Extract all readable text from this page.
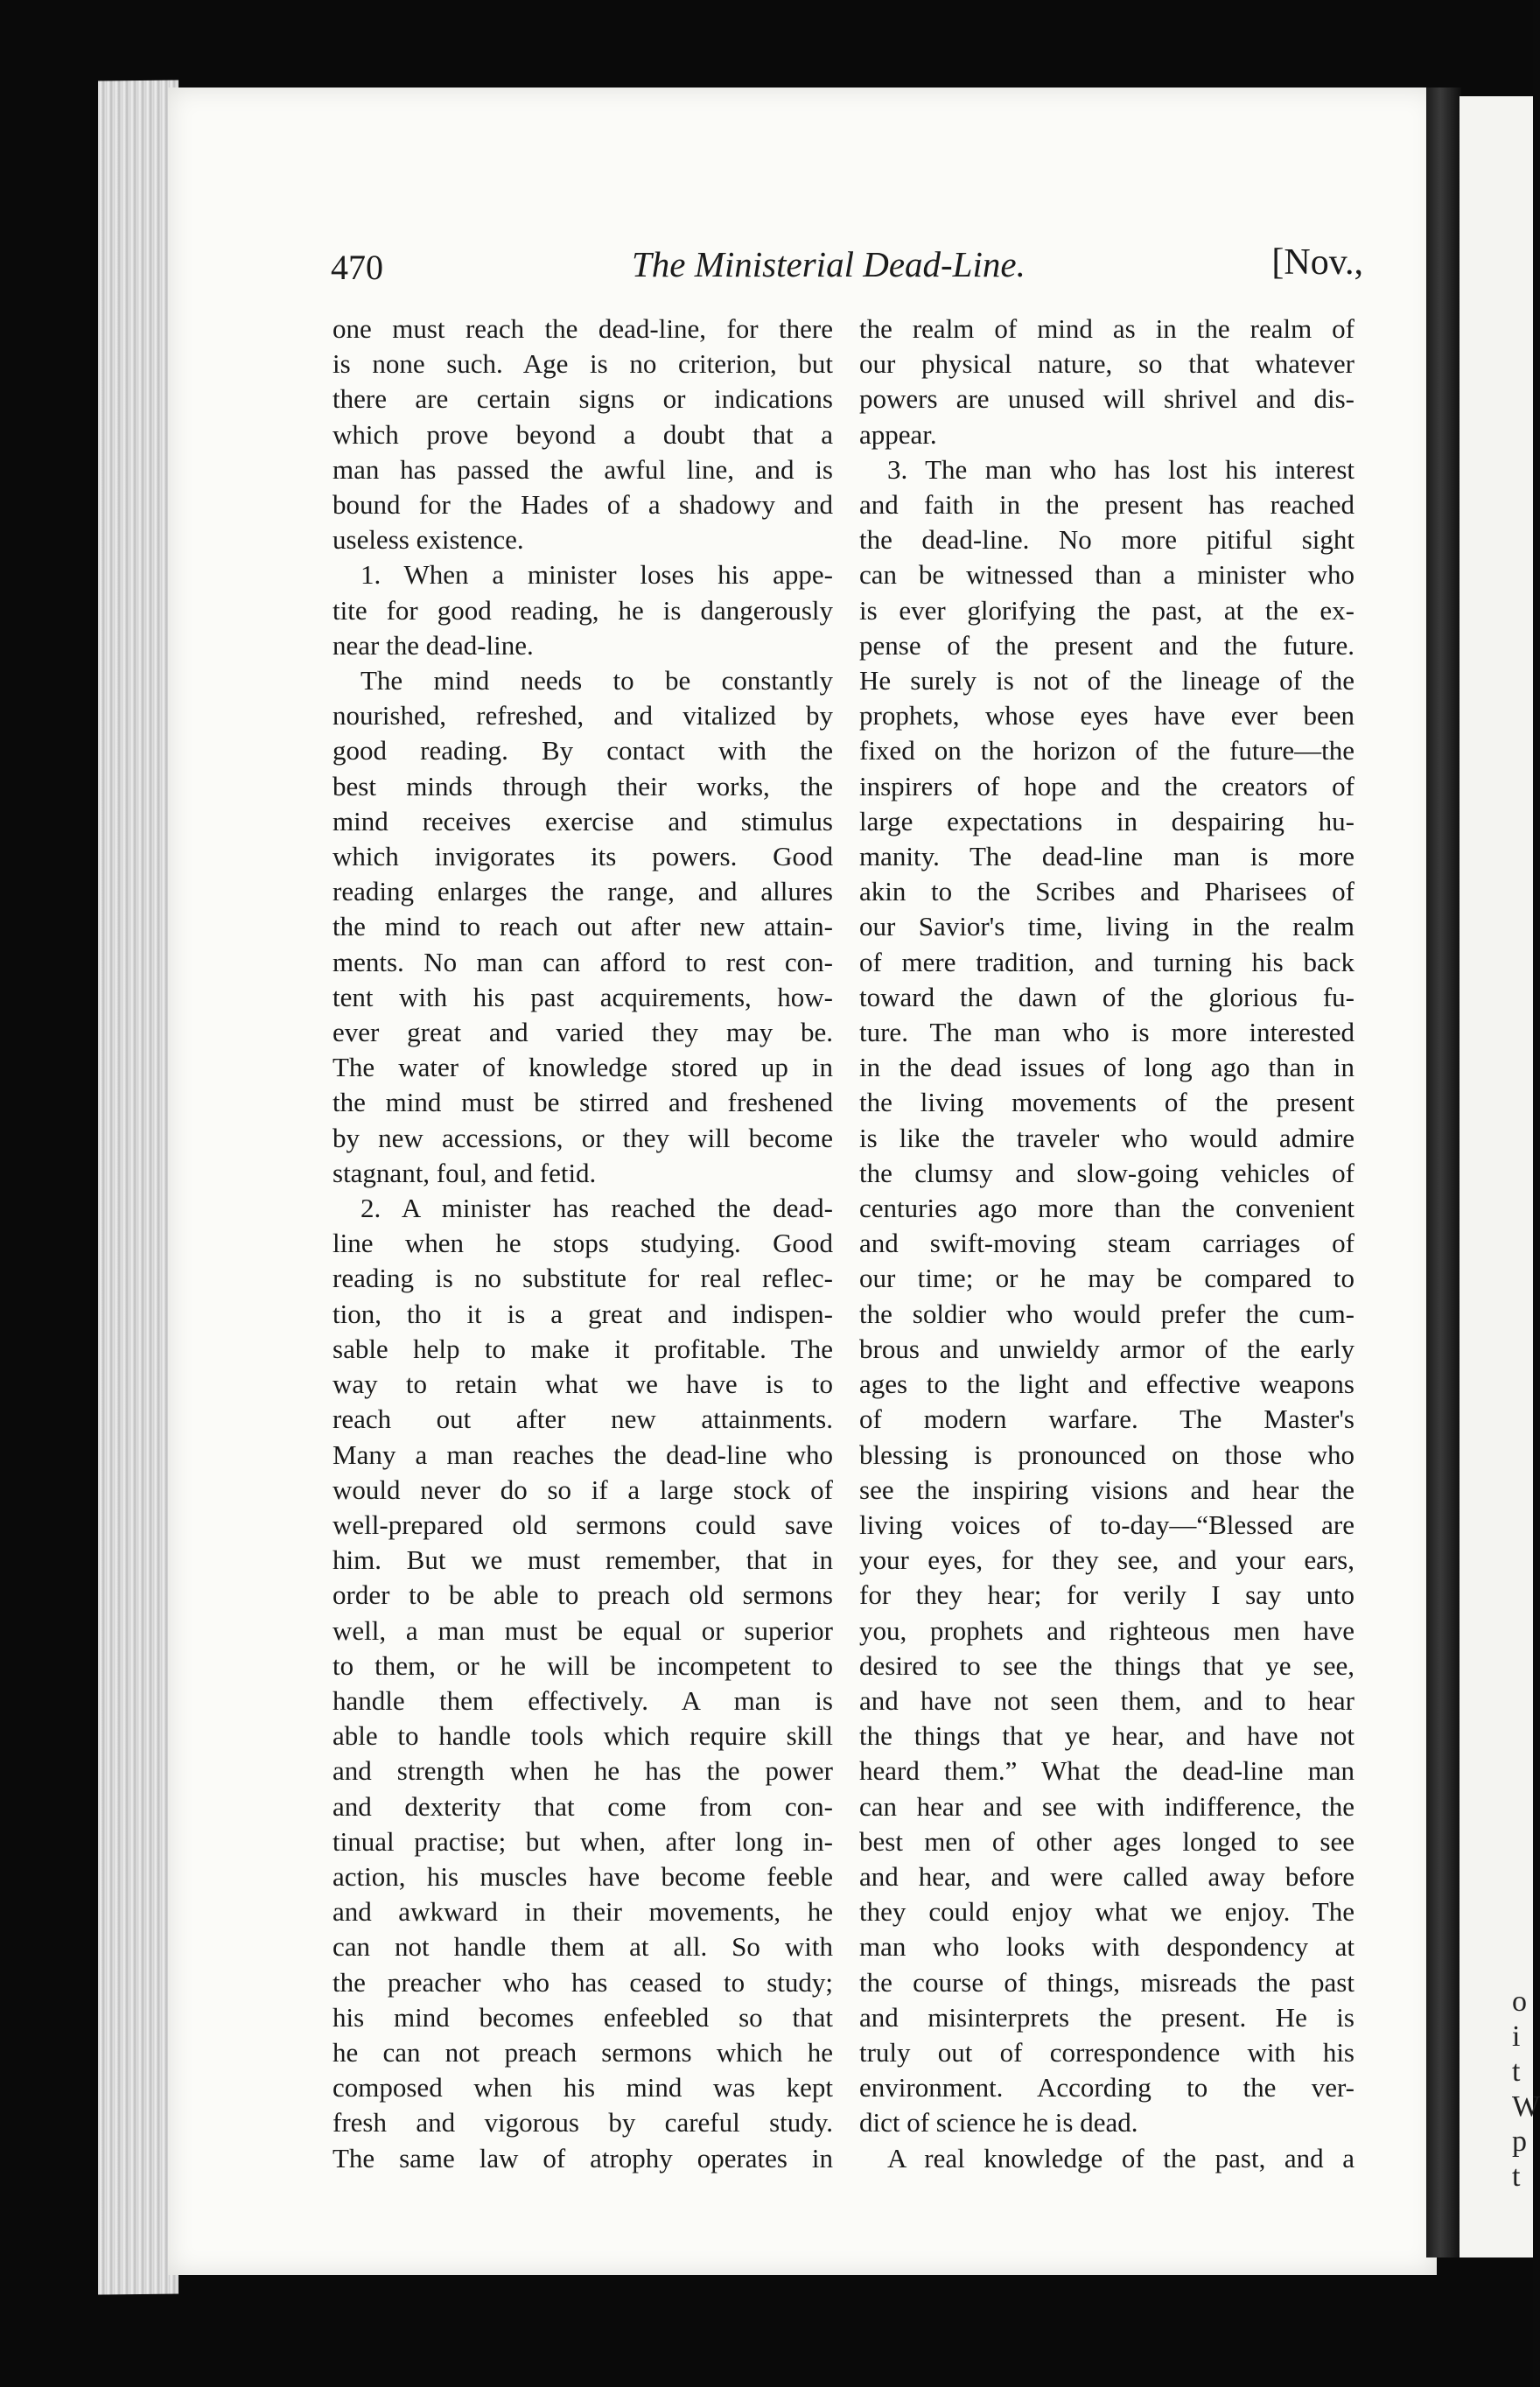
o
i
t
W
p
t
470	The Ministerial Dead-Line.	[Nov.,
one must reach the dead-line, for there
is none such. Age is no criterion, but
there are certain signs or indications
which prove beyond a doubt that a
man has passed the awful line, and is
bound for the Hades of a shadowy and
useless existence.
1. When a minister loses his appe-
tite for good reading, he is dangerously
near the dead-line.
The mind needs to be constantly
nourished, refreshed, and vitalized by
good reading. By contact with the
best minds through their works, the
mind receives exercise and stimulus
which invigorates its powers. Good
reading enlarges the range, and allures
the mind to reach out after new attain-
ments. No man can afford to rest con-
tent with his past acquirements, how-
ever great and varied they may be.
The water of knowledge stored up in
the mind must be stirred and freshened
by new accessions, or they will become
stagnant, foul, and fetid.
2. A minister has reached the dead-
line when he stops studying. Good
reading is no substitute for real reflec-
tion, tho it is a great and indispen-
sable help to make it profitable. The
way to retain what we have is to
reach out after new attainments.
Many a man reaches the dead-line who
would never do so if a large stock of
well-prepared old sermons could save
him. But we must remember, that in
order to be able to preach old sermons
well, a man must be equal or superior
to them, or he will be incompetent to
handle them effectively. A man is
able to handle tools which require skill
and strength when he has the power
and dexterity that come from con-
tinual practise; but when, after long in-
action, his muscles have become feeble
and awkward in their movements, he
can not handle them at all. So with
the preacher who has ceased to study;
his mind becomes enfeebled so that
he can not preach sermons which he
composed when his mind was kept
fresh and vigorous by careful study.
The same law of atrophy operates in
the realm of mind as in the realm of
our physical nature, so that whatever
powers are unused will shrivel and dis-
appear.
3. The man who has lost his interest
and faith in the present has reached
the dead-line. No more pitiful sight
can be witnessed than a minister who
is ever glorifying the past, at the ex-
pense of the present and the future.
He surely is not of the lineage of the
prophets, whose eyes have ever been
fixed on the horizon of the future—the
inspirers of hope and the creators of
large expectations in despairing hu-
manity. The dead-line man is more
akin to the Scribes and Pharisees of
our Savior's time, living in the realm
of mere tradition, and turning his back
toward the dawn of the glorious fu-
ture. The man who is more interested
in the dead issues of long ago than in
the living movements of the present
is like the traveler who would admire
the clumsy and slow-going vehicles of
centuries ago more than the convenient
and swift-moving steam carriages of
our time; or he may be compared to
the soldier who would prefer the cum-
brous and unwieldy armor of the early
ages to the light and effective weapons
of modern warfare. The Master's
blessing is pronounced on those who
see the inspiring visions and hear the
living voices of to-day—“Blessed are
your eyes, for they see, and your ears,
for they hear; for verily I say unto
you, prophets and righteous men have
desired to see the things that ye see,
and have not seen them, and to hear
the things that ye hear, and have not
heard them.” What the dead-line man
can hear and see with indifference, the
best men of other ages longed to see
and hear, and were called away before
they could enjoy what we enjoy. The
man who looks with despondency at
the course of things, misreads the past
and misinterprets the present. He is
truly out of correspondence with his
environment. According to the ver-
dict of science he is dead.
A real knowledge of the past, and a
